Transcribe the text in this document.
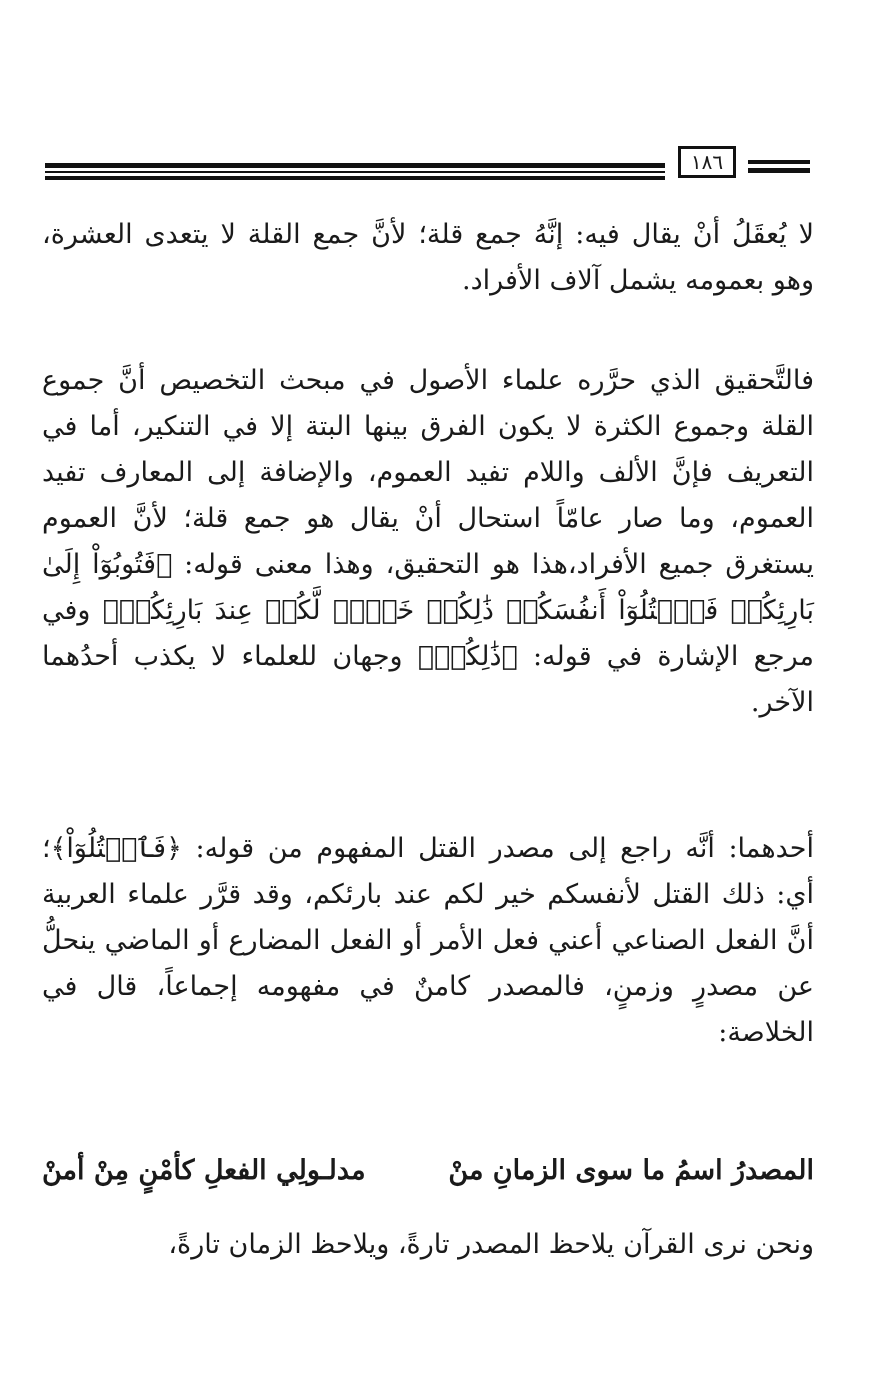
١٨٦

لا يُعقَلُ أنْ يقال فيه: إنَّهُ جمع قلة؛ لأنَّ جمع القلة لا يتعدى العشرة، وهو بعمومه يشمل آلاف الأفراد.

فالتَّحقيق الذي حرَّره علماء الأصول في مبحث التخصيص أنَّ جموع القلة وجموع الكثرة لا يكون الفرق بينها البتة إلا في التنكير، أما في التعريف فإنَّ الألف واللام تفيد العموم، والإضافة إلى المعارف تفيد العموم، وما صار عامّاً استحال أنْ يقال هو جمع قلة؛ لأنَّ العموم يستغرق جميع الأفراد،هذا هو التحقيق، وهذا معنى قوله: ﴿فَتُوبُوٓاْ إِلَىٰ بَارِئِكُمۡ فَٱقۡتُلُوٓاْ أَنفُسَكُمۡ ذَٰلِكُمۡ خَيۡرٞ لَّكُمۡ عِندَ بَارِئِكُمۡ﴾ وفي مرجع الإشارة في قوله: ﴿ذَٰلِكُمۡ﴾ وجهان للعلماء لا يكذب أحدُهما الآخر.

أحدهما: أنَّه راجع إلى مصدر القتل المفهوم من قوله: ﴿فَٱقۡتُلُوٓاْ﴾؛ أي: ذلك القتل لأنفسكم خير لكم عند بارئكم، وقد قرَّر علماء العربية أنَّ الفعل الصناعي أعني فعل الأمر أو الفعل المضارع أو الماضي ينحلُّ عن مصدرٍ وزمنٍ، فالمصدر كامنٌ في مفهومه إجماعاً، قال في الخلاصة:

المصدرُ اسمُ ما سوى الزمانِ منْ
مدلـولِي الفعلِ كأمْنٍ مِنْ أمنْ

ونحن نرى القرآن يلاحظ المصدر تارةً، ويلاحظ الزمان تارةً،
